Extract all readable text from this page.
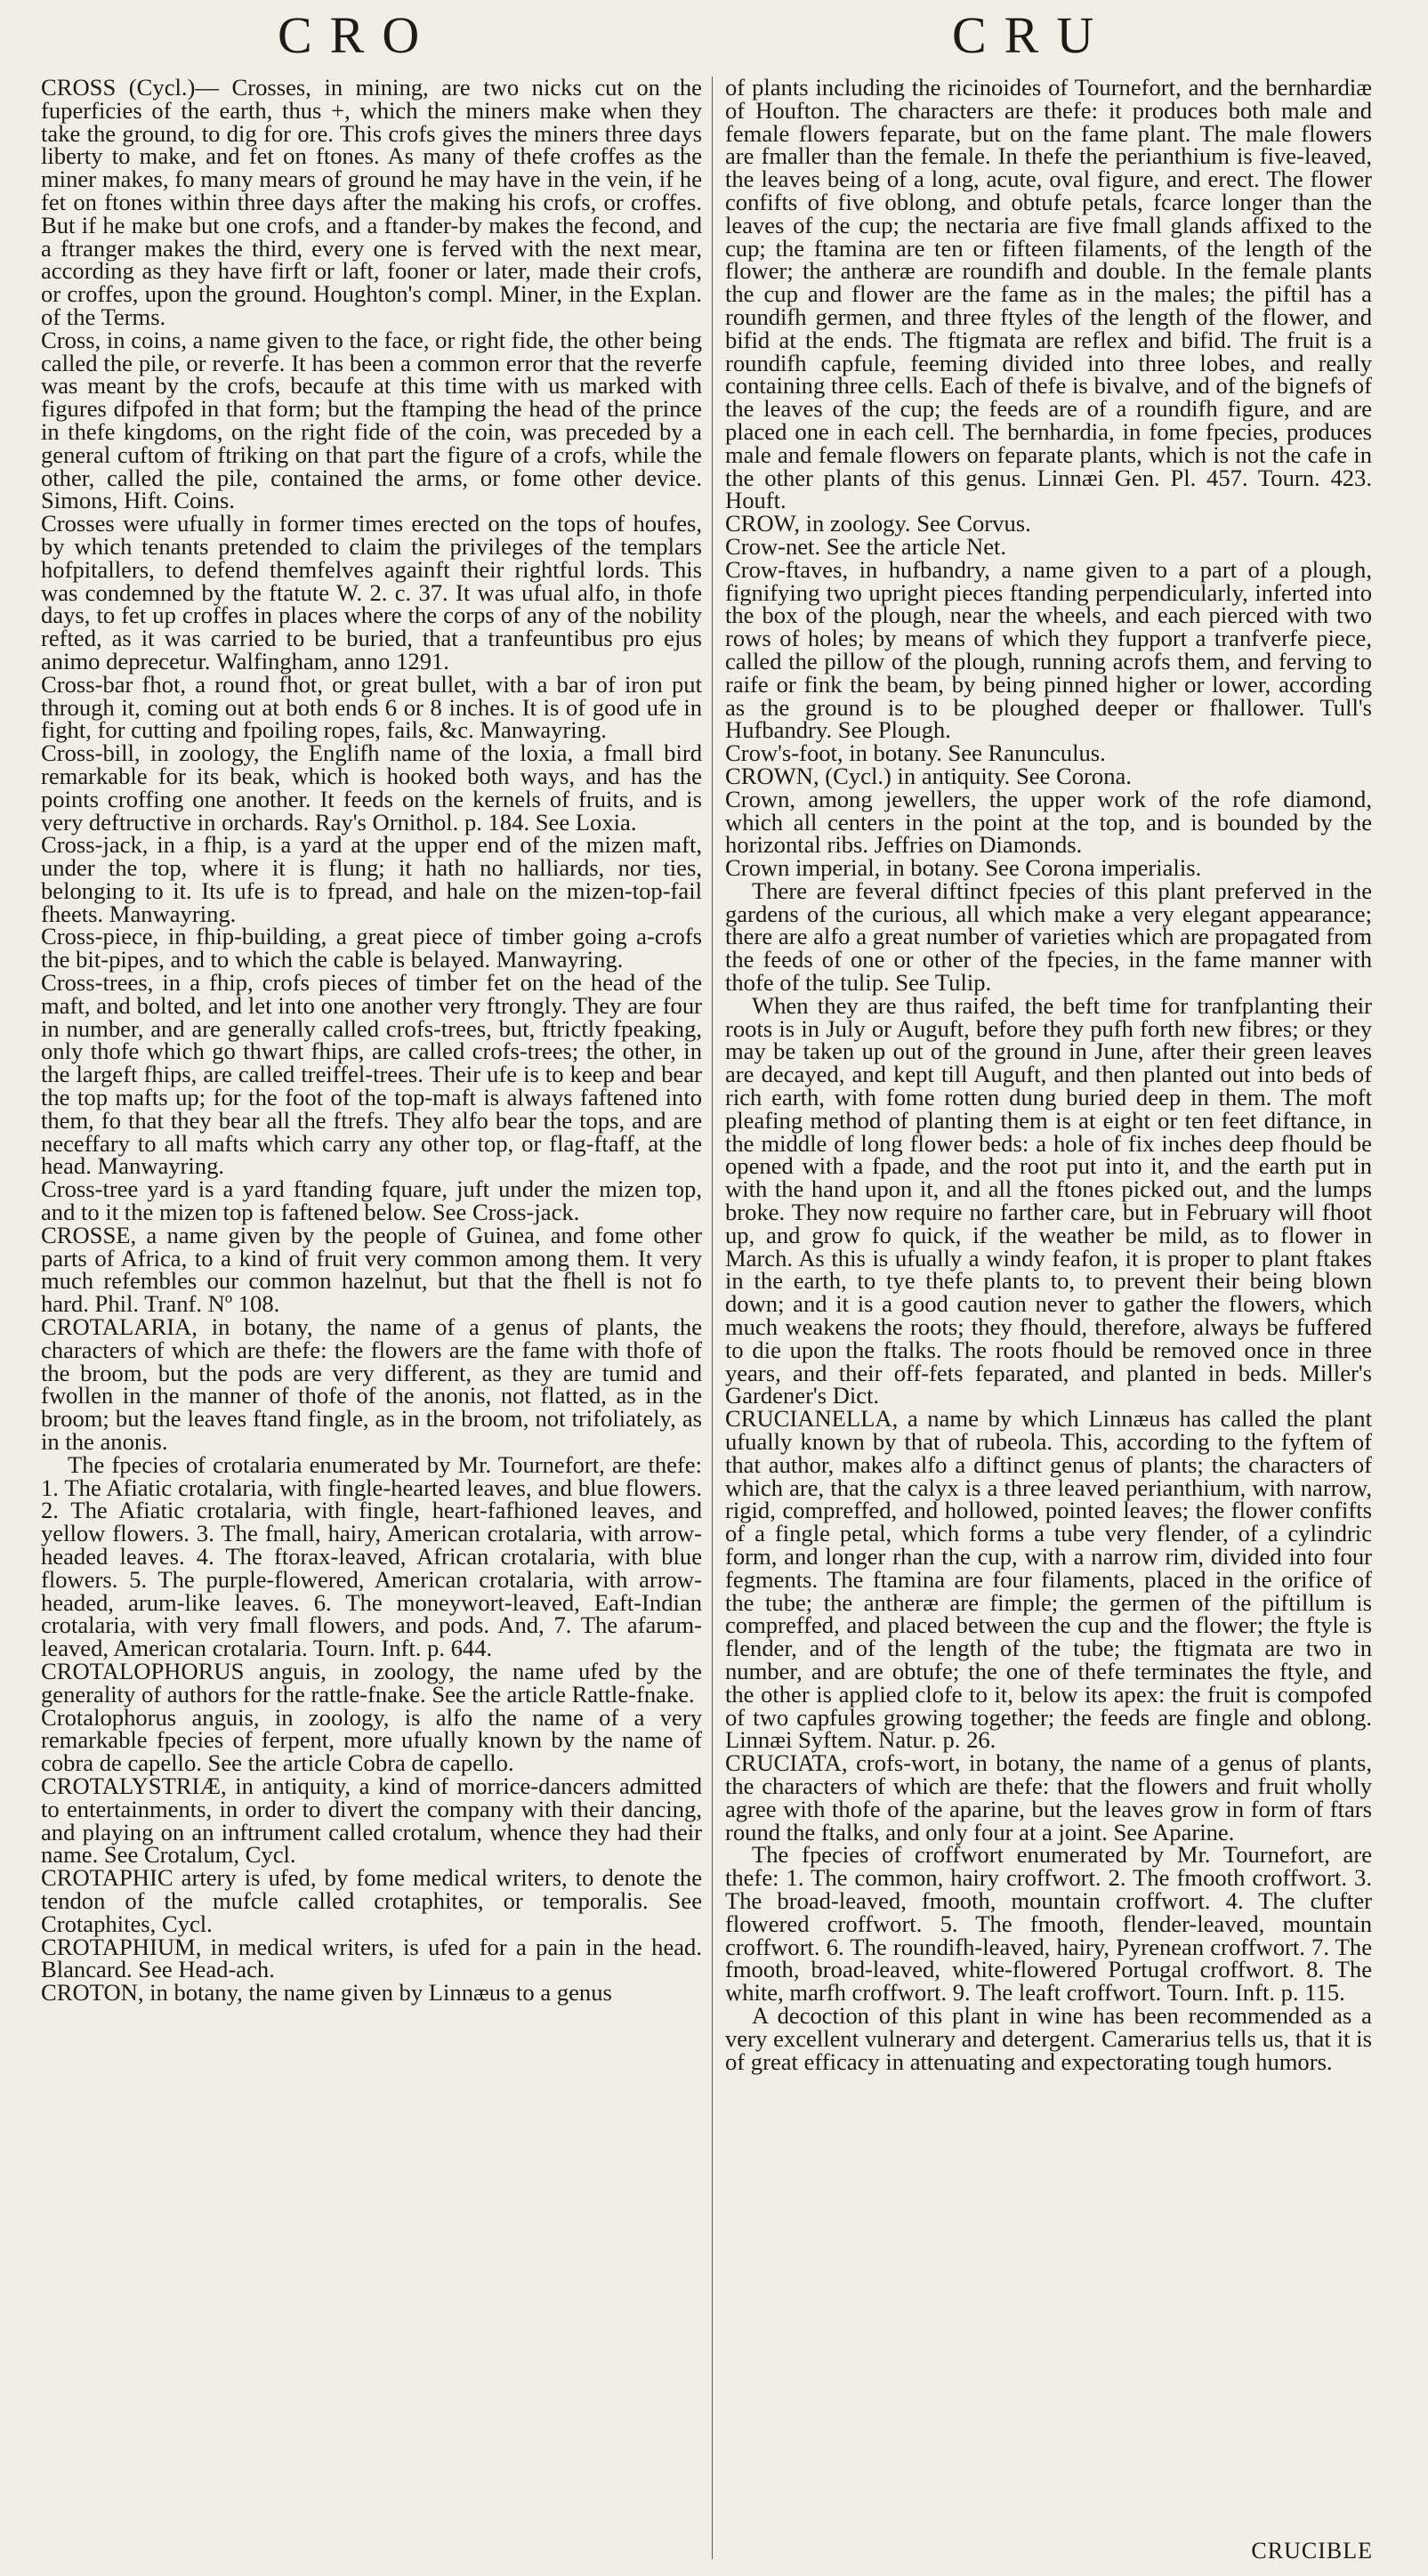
CRO	CRU

CROSS (Cycl.)— Crosses, in mining, are two nicks cut on the fuperficies of the earth, thus +, which the miners make when they take the ground, to dig for ore. This crofs gives the miners three days liberty to make, and fet on ftones. As many of thefe croffes as the miner makes, fo many mears of ground he may have in the vein, if he fet on ftones within three days after the making his crofs, or croffes. But if he make but one crofs, and a ftander-by makes the fecond, and a ftranger makes the third, every one is ferved with the next mear, according as they have firft or laft, fooner or later, made their crofs, or croffes, upon the ground. Houghton's compl. Miner, in the Explan. of the Terms.

Cross, in coins, a name given to the face, or right fide, the other being called the pile, or reverfe. It has been a common error that the reverfe was meant by the crofs, becaufe at this time with us marked with figures difpofed in that form; but the ftamping the head of the prince in thefe kingdoms, on the right fide of the coin, was preceded by a general cuftom of ftriking on that part the figure of a crofs, while the other, called the pile, contained the arms, or fome other device. Simons, Hift. Coins.

Crosses were ufually in former times erected on the tops of houfes, by which tenants pretended to claim the privileges of the templars hofpitallers, to defend themfelves againft their rightful lords. This was condemned by the ftatute W. 2. c. 37. It was ufual alfo, in thofe days, to fet up croffes in places where the corps of any of the nobility refted, as it was carried to be buried, that a tranfeuntibus pro ejus animo deprecetur. Walfingham, anno 1291.

Cross-bar fhot, a round fhot, or great bullet, with a bar of iron put through it, coming out at both ends 6 or 8 inches. It is of good ufe in fight, for cutting and fpoiling ropes, fails, &c. Manwayring.

Cross-bill, in zoology, the Englifh name of the loxia, a fmall bird remarkable for its beak, which is hooked both ways, and has the points croffing one another. It feeds on the kernels of fruits, and is very deftructive in orchards. Ray's Ornithol. p. 184. See Loxia.

Cross-jack, in a fhip, is a yard at the upper end of the mizen maft, under the top, where it is flung; it hath no halliards, nor ties, belonging to it. Its ufe is to fpread, and hale on the mizen-top-fail fheets. Manwayring.

Cross-piece, in fhip-building, a great piece of timber going a-crofs the bit-pipes, and to which the cable is belayed. Manwayring.

Cross-trees, in a fhip, crofs pieces of timber fet on the head of the maft, and bolted, and let into one another very ftrongly. They are four in number, and are generally called crofs-trees, but, ftrictly fpeaking, only thofe which go thwart fhips, are called crofs-trees; the other, in the largeft fhips, are called treiffel-trees. Their ufe is to keep and bear the top mafts up; for the foot of the top-maft is always faftened into them, fo that they bear all the ftrefs. They alfo bear the tops, and are neceffary to all mafts which carry any other top, or flag-ftaff, at the head. Manwayring.

Cross-tree yard is a yard ftanding fquare, juft under the mizen top, and to it the mizen top is faftened below. See Cross-jack.

CROSSE, a name given by the people of Guinea, and fome other parts of Africa, to a kind of fruit very common among them. It very much refembles our common hazelnut, but that the fhell is not fo hard. Phil. Tranf. Nº 108.

CROTALARIA, in botany, the name of a genus of plants, the characters of which are thefe: the flowers are the fame with thofe of the broom, but the pods are very different, as they are tumid and fwollen in the manner of thofe of the anonis, not flatted, as in the broom; but the leaves ftand fingle, as in the broom, not trifoliately, as in the anonis.

The fpecies of crotalaria enumerated by Mr. Tournefort, are thefe: 1. The Afiatic crotalaria, with fingle-hearted leaves, and blue flowers. 2. The Afiatic crotalaria, with fingle, heart-fafhioned leaves, and yellow flowers. 3. The fmall, hairy, American crotalaria, with arrow-headed leaves. 4. The ftorax-leaved, African crotalaria, with blue flowers. 5. The purple-flowered, American crotalaria, with arrow-headed, arum-like leaves. 6. The moneywort-leaved, Eaft-Indian crotalaria, with very fmall flowers, and pods. And, 7. The afarum-leaved, American crotalaria. Tourn. Inft. p. 644.

CROTALOPHORUS anguis, in zoology, the name ufed by the generality of authors for the rattle-fnake. See the article Rattle-fnake.

Crotalophorus anguis, in zoology, is alfo the name of a very remarkable fpecies of ferpent, more ufually known by the name of cobra de capello. See the article Cobra de capello.

CROTALYSTRIÆ, in antiquity, a kind of morrice-dancers admitted to entertainments, in order to divert the company with their dancing, and playing on an inftrument called crotalum, whence they had their name. See Crotalum, Cycl.

CROTAPHIC artery is ufed, by fome medical writers, to denote the tendon of the mufcle called crotaphites, or temporalis. See Crotaphites, Cycl.

CROTAPHIUM, in medical writers, is ufed for a pain in the head. Blancard. See Head-ach.

CROTON, in botany, the name given by Linnæus to a genus

of plants including the ricinoides of Tournefort, and the bernhardiæ of Houfton. The characters are thefe: it produces both male and female flowers feparate, but on the fame plant. The male flowers are fmaller than the female. In thefe the perianthium is five-leaved, the leaves being of a long, acute, oval figure, and erect. The flower confifts of five oblong, and obtufe petals, fcarce longer than the leaves of the cup; the nectaria are five fmall glands affixed to the cup; the ftamina are ten or fifteen filaments, of the length of the flower; the antheræ are roundifh and double. In the female plants the cup and flower are the fame as in the males; the piftil has a roundifh germen, and three ftyles of the length of the flower, and bifid at the ends. The ftigmata are reflex and bifid. The fruit is a roundifh capfule, feeming divided into three lobes, and really containing three cells. Each of thefe is bivalve, and of the bignefs of the leaves of the cup; the feeds are of a roundifh figure, and are placed one in each cell. The bernhardia, in fome fpecies, produces male and female flowers on feparate plants, which is not the cafe in the other plants of this genus. Linnæi Gen. Pl. 457. Tourn. 423. Houft.

CROW, in zoology. See Corvus.

Crow-net. See the article Net.

Crow-ftaves, in hufbandry, a name given to a part of a plough, fignifying two upright pieces ftanding perpendicularly, inferted into the box of the plough, near the wheels, and each pierced with two rows of holes; by means of which they fupport a tranfverfe piece, called the pillow of the plough, running acrofs them, and ferving to raife or fink the beam, by being pinned higher or lower, according as the ground is to be ploughed deeper or fhallower. Tull's Hufbandry. See Plough.

Crow's-foot, in botany. See Ranunculus.

CROWN, (Cycl.) in antiquity. See Corona.

Crown, among jewellers, the upper work of the rofe diamond, which all centers in the point at the top, and is bounded by the horizontal ribs. Jeffries on Diamonds.

Crown imperial, in botany. See Corona imperialis.

There are feveral diftinct fpecies of this plant preferved in the gardens of the curious, all which make a very elegant appearance; there are alfo a great number of varieties which are propagated from the feeds of one or other of the fpecies, in the fame manner with thofe of the tulip. See Tulip.

When they are thus raifed, the beft time for tranfplanting their roots is in July or Auguft, before they pufh forth new fibres; or they may be taken up out of the ground in June, after their green leaves are decayed, and kept till Auguft, and then planted out into beds of rich earth, with fome rotten dung buried deep in them. The moft pleafing method of planting them is at eight or ten feet diftance, in the middle of long flower beds: a hole of fix inches deep fhould be opened with a fpade, and the root put into it, and the earth put in with the hand upon it, and all the ftones picked out, and the lumps broke. They now require no farther care, but in February will fhoot up, and grow fo quick, if the weather be mild, as to flower in March. As this is ufually a windy feafon, it is proper to plant ftakes in the earth, to tye thefe plants to, to prevent their being blown down; and it is a good caution never to gather the flowers, which much weakens the roots; they fhould, therefore, always be fuffered to die upon the ftalks. The roots fhould be removed once in three years, and their off-fets feparated, and planted in beds. Miller's Gardener's Dict.

CRUCIANELLA, a name by which Linnæus has called the plant ufually known by that of rubeola. This, according to the fyftem of that author, makes alfo a diftinct genus of plants; the characters of which are, that the calyx is a three leaved perianthium, with narrow, rigid, compreffed, and hollowed, pointed leaves; the flower confifts of a fingle petal, which forms a tube very flender, of a cylindric form, and longer rhan the cup, with a narrow rim, divided into four fegments. The ftamina are four filaments, placed in the orifice of the tube; the antheræ are fimple; the germen of the piftillum is compreffed, and placed between the cup and the flower; the ftyle is flender, and of the length of the tube; the ftigmata are two in number, and are obtufe; the one of thefe terminates the ftyle, and the other is applied clofe to it, below its apex: the fruit is compofed of two capfules growing together; the feeds are fingle and oblong. Linnæi Syftem. Natur. p. 26.

CRUCIATA, crofs-wort, in botany, the name of a genus of plants, the characters of which are thefe: that the flowers and fruit wholly agree with thofe of the aparine, but the leaves grow in form of ftars round the ftalks, and only four at a joint. See Aparine.

The fpecies of croffwort enumerated by Mr. Tournefort, are thefe: 1. The common, hairy croffwort. 2. The fmooth croffwort. 3. The broad-leaved, fmooth, mountain croffwort. 4. The clufter flowered croffwort. 5. The fmooth, flender-leaved, mountain croffwort. 6. The roundifh-leaved, hairy, Pyrenean croffwort. 7. The fmooth, broad-leaved, white-flowered Portugal croffwort. 8. The white, marfh croffwort. 9. The leaft croffwort. Tourn. Inft. p. 115.

A decoction of this plant in wine has been recommended as a very excellent vulnerary and detergent. Camerarius tells us, that it is of great efficacy in attenuating and expectorating tough humors.

CRUCIBLE
